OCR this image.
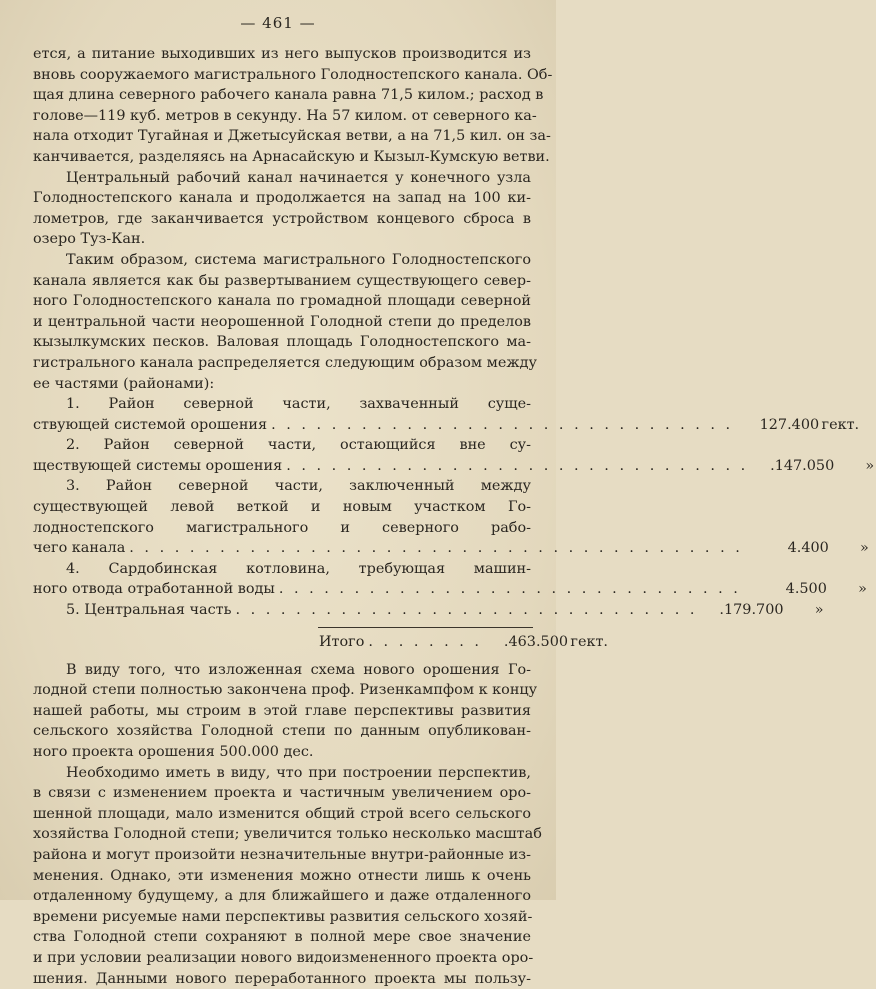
— 461 —
ется, а питание выходивших из него выпусков производится из
вновь сооружаемого магистрального Голодностепского канала. Об-
щая длина северного рабочего канала равна 71,5 килом.; расход в
голове—119 куб. метров в секунду. На 57 килом. от северного ка-
нала отходит Тугайная и Джетысуйская ветви, а на 71,5 кил. он за-
канчивается, разделяясь на Арнасайскую и Кызыл-Кумскую ветви.
Центральный рабочий канал начинается у конечного узла
Голодностепского канала и продолжается на запад на 100 ки-
лометров, где заканчивается устройством концевого сброса в
озеро Туз-Кан.
Таким образом, система магистрального Голодностепского
канала является как бы развертыванием существующего север-
ного Голодностепского канала по громадной площади северной
и центральной части неорошенной Голодной степи до пределов
кызылкумских песков. Валовая площадь Голодностепского ма-
гистрального канала распределяется следующим образом между
ее частями (районами):
1. Район северной части, захваченный суще-
ствующей системой орошения . . . . . . . . . . . . . . . . . . . . . . . . . . . . . . .	127.400 гект.
2. Район северной части, остающийся вне су-
ществующей системы орошения . . . . . . . . . . . . . . . . . . . . . . . . . . . . . . .	.147.050	»
3. Район северной части, заключенный между
существующей левой веткой и новым участком Го-
лодностепского магистрального и северного рабо-
чего канала . . . . . . . . . . . . . . . . . . . . . . . . . . . . . . . . . . . . . . . . .	4.400	»
4. Сардобинская котловина, требующая машин-
ного отвода отработанной воды . . . . . . . . . . . . . . . . . . . . . . . . . . . . . . .	4.500	»
5. Центральная часть . . . . . . . . . . . . . . . . . . . . . . . . . . . . . . .	.179.700	»
Итого . . . . . . . .	.463.500 гект.
В виду того, что изложенная схема нового орошения Го-
лодной степи полностью закончена проф. Ризенкампфом к концу
нашей работы, мы строим в этой главе перспективы развития
сельского хозяйства Голодной степи по данным опубликован-
ного проекта орошения 500.000 дес.
Необходимо иметь в виду, что при построении перспектив,
в связи с изменением проекта и частичным увеличением оро-
шенной площади, мало изменится общий строй всего сельского
хозяйства Голодной степи; увеличится только несколько масштаб
района и могут произойти незначительные внутри-районные из-
менения. Однако, эти изменения можно отнести лишь к очень
отдаленному будущему, а для ближайшего и даже отдаленного
времени рисуемые нами перспективы развития сельского хозяй-
ства Голодной степи сохраняют в полной мере свое значение
и при условии реализации нового видоизмененного проекта оро-
шения. Данными нового переработанного проекта мы пользу-
